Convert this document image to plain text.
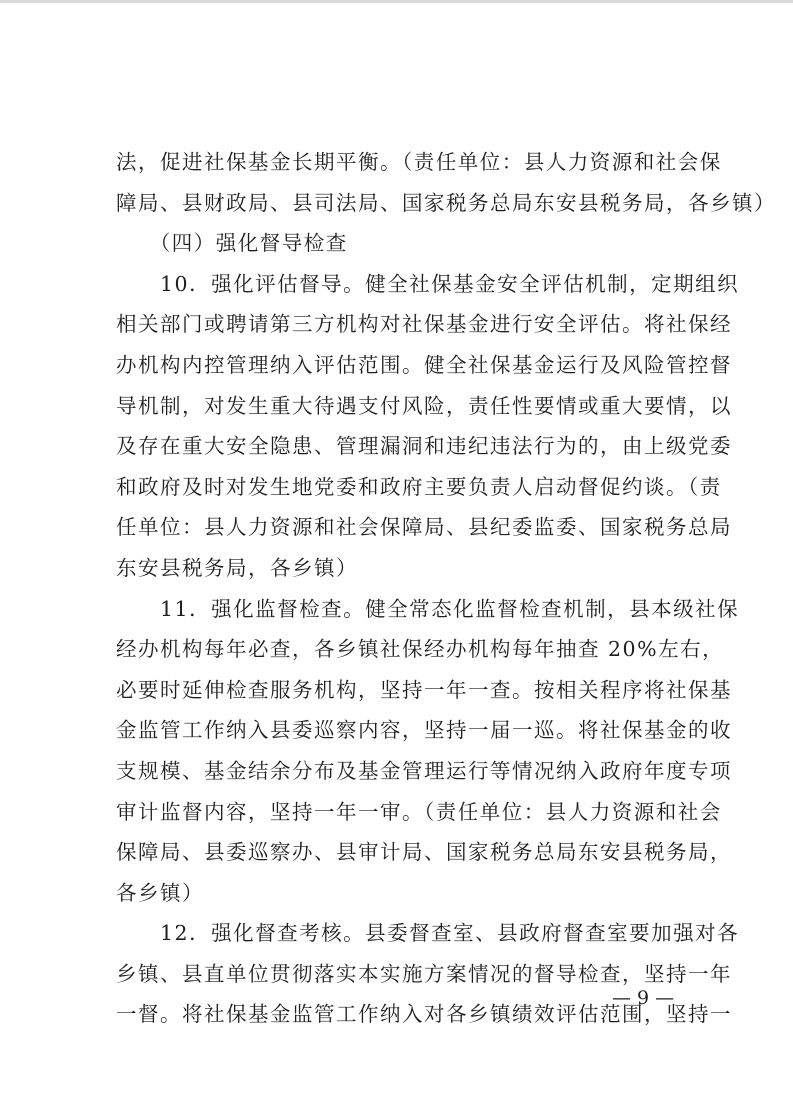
法，促进社保基金长期平衡。（责任单位：县人力资源和社会保
障局、县财政局、县司法局、国家税务总局东安县税务局，各乡镇）
　　（四）强化督导检查
　　10．强化评估督导。健全社保基金安全评估机制，定期组织
相关部门或聘请第三方机构对社保基金进行安全评估。将社保经
办机构内控管理纳入评估范围。健全社保基金运行及风险管控督
导机制，对发生重大待遇支付风险，责任性要情或重大要情，以
及存在重大安全隐患、管理漏洞和违纪违法行为的，由上级党委
和政府及时对发生地党委和政府主要负责人启动督促约谈。（责
任单位：县人力资源和社会保障局、县纪委监委、国家税务总局
东安县税务局，各乡镇）
　　11．强化监督检查。健全常态化监督检查机制，县本级社保
经办机构每年必查，各乡镇社保经办机构每年抽查 20%左右，
必要时延伸检查服务机构，坚持一年一查。按相关程序将社保基
金监管工作纳入县委巡察内容，坚持一届一巡。将社保基金的收
支规模、基金结余分布及基金管理运行等情况纳入政府年度专项
审计监督内容，坚持一年一审。（责任单位：县人力资源和社会
保障局、县委巡察办、县审计局、国家税务总局东安县税务局，
各乡镇）
　　12．强化督查考核。县委督查室、县政府督查室要加强对各
乡镇、县直单位贯彻落实本实施方案情况的督导检查，坚持一年
一督。将社保基金监管工作纳入对各乡镇绩效评估范围，坚持一
— 9 —
